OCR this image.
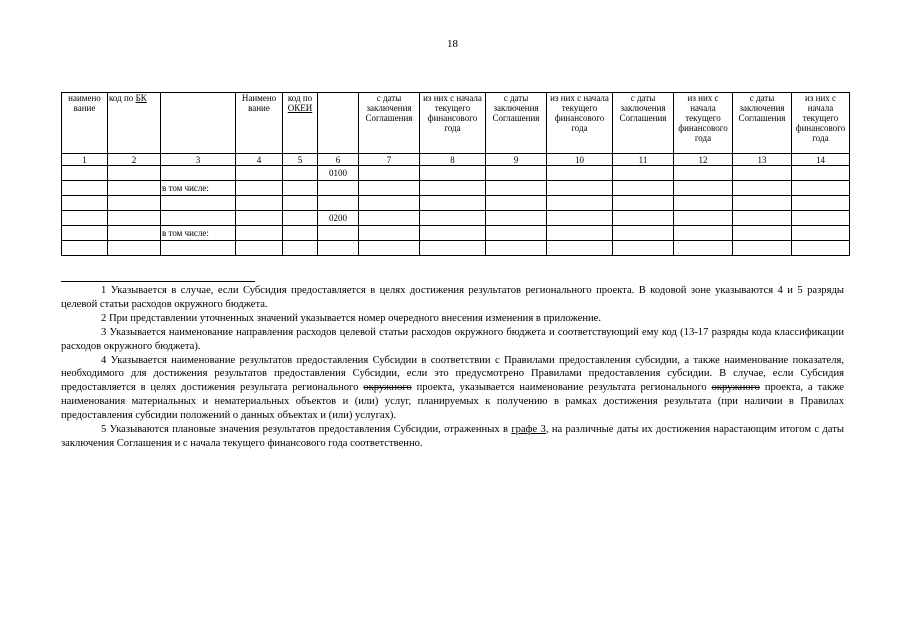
18
наимено вание	код по БК		Наимено вание	код по ОКЕИ		с даты заключения Соглашения	из них с начала текущего финансового года	с даты заключения Соглашения	из них с начала текущего финансового года	с даты заключения Соглашения	из них с начала текущего финансового года	с даты заключения Соглашения	из них с начала текущего финансового года
1	2	3	4	5	6	7	8	9	10	11	12	13	14
					0100								
		в том числе:											

					0200								
		в том числе:											

1 Указывается в случае, если Субсидия предоставляется в целях достижения результатов регионального проекта. В кодовой зоне указываются 4 и 5 разряды целевой статьи расходов окружного бюджета.

2 При представлении уточненных значений указывается номер очередного внесения изменения в приложение.

3 Указывается наименование направления расходов целевой статьи расходов окружного бюджета и соответствующий ему код (13-17 разряды кода классификации расходов окружного бюджета).

4 Указывается наименование результатов предоставления Субсидии в соответствии с Правилами предоставления субсидии, а также наименование показателя, необходимого для достижения результатов предоставления Субсидии, если это предусмотрено Правилами предоставления субсидии. В случае, если Субсидия предоставляется в целях достижения результата регионального окружного проекта, указывается наименование результата регионального окружного проекта, а также наименования материальных и нематериальных объектов и (или) услуг, планируемых к получению в рамках достижения результата (при наличии в Правилах предоставления субсидии положений о данных объектах и (или) услугах).

5 Указываются плановые значения результатов предоставления Субсидии, отраженных в графе 3, на различные даты их достижения нарастающим итогом с даты заключения Соглашения и с начала текущего финансового года соответственно.
